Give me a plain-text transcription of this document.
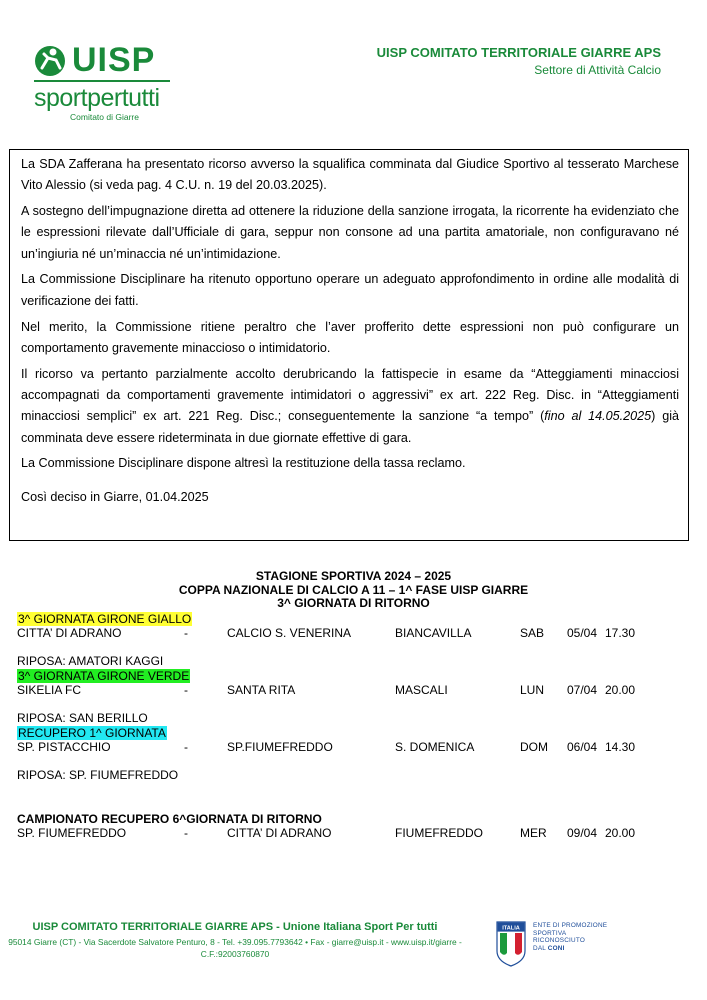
UISP
sportpertutti
Comitato di Giarre
UISP COMITATO TERRITORIALE GIARRE APS
Settore di Attività Calcio

La SDA Zafferana ha presentato ricorso avverso la squalifica comminata dal Giudice Sportivo al tesserato Marchese Vito Alessio (si veda pag. 4 C.U. n. 19 del 20.03.2025).

A sostegno dell’impugnazione diretta ad ottenere la riduzione della sanzione irrogata, la ricorrente ha evidenziato che le espressioni rilevate dall’Ufficiale di gara, seppur non consone ad una partita amatoriale, non configuravano né un’ingiuria né un’minaccia né un’intimidazione.

La Commissione Disciplinare ha ritenuto opportuno operare un adeguato approfondimento in ordine alle modalità di verificazione dei fatti.

Nel merito, la Commissione ritiene peraltro che l’aver profferito dette espressioni non può configurare un comportamento gravemente minaccioso o intimidatorio.

Il ricorso va pertanto parzialmente accolto derubricando la fattispecie in esame da “Atteggiamenti minacciosi accompagnati da comportamenti gravemente intimidatori o aggressivi” ex art. 222 Reg. Disc. in “Atteggiamenti minacciosi semplici” ex art. 221 Reg. Disc.; conseguentemente la sanzione “a tempo” (fino al 14.05.2025) già comminata deve essere rideterminata in due giornate effettive di gara.

La Commissione Disciplinare dispone altresì la restituzione della tassa reclamo.

Così deciso in Giarre, 01.04.2025

STAGIONE SPORTIVA 2024 – 2025
COPPA NAZIONALE DI CALCIO A 11 – 1^ FASE UISP GIARRE
3^ GIORNATA DI RITORNO
3^ GIORNATA GIRONE GIALLO
CITTA’ DI ADRANO	-	CALCIO S. VENERINA	BIANCAVILLA	SAB 05/04 17.30
RIPOSA: AMATORI KAGGI
3^ GIORNATA GIRONE VERDE
SIKELIA FC	-	SANTA RITA	MASCALI	LUN 07/04 20.00
RIPOSA: SAN BERILLO
RECUPERO 1^ GIORNATA
SP. PISTACCHIO	-	SP.FIUMEFREDDO	S. DOMENICA	DOM 06/04 14.30
RIPOSA: SP. FIUMEFREDDO
CAMPIONATO RECUPERO 6^GIORNATA DI RITORNO
SP. FIUMEFREDDO	-	CITTA’ DI ADRANO	FIUMEFREDDO	MER 09/04 20.00
UISP COMITATO TERRITORIALE GIARRE APS - Unione Italiana Sport Per tutti
95014 Giarre (CT) - Via Sacerdote Salvatore Penturo, 8 - Tel. +39.095.7793642 • Fax - giarre@uisp.it - www.uisp.it/giarre -
C.F.:92003760870
ITALIA ENTE DI PROMOZIONE
SPORTIVA
RICONOSCIUTO
DAL CONI
